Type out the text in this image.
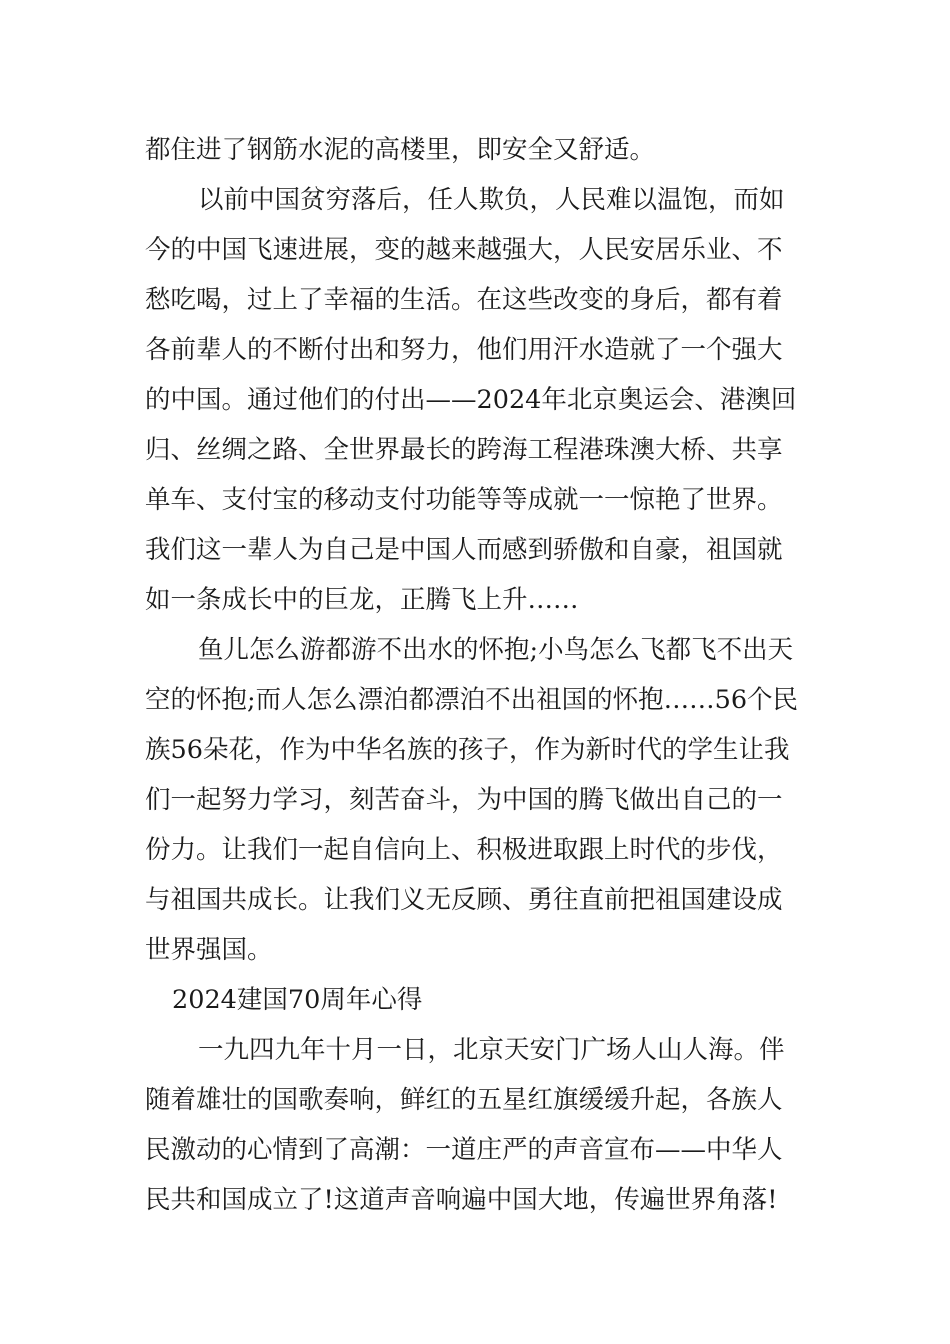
都住进了钢筋水泥的高楼里，即安全又舒适。
以前中国贫穷落后，任人欺负，人民难以温饱，而如
今的中国飞速进展，变的越来越强大，人民安居乐业、不
愁吃喝，过上了幸福的生活。在这些改变的身后，都有着
各前辈人的不断付出和努力，他们用汗水造就了一个强大
的中国。通过他们的付出——2024年北京奥运会、港澳回
归、丝绸之路、全世界最长的跨海工程港珠澳大桥、共享
单车、支付宝的移动支付功能等等成就一一惊艳了世界。
我们这一辈人为自己是中国人而感到骄傲和自豪，祖国就
如一条成长中的巨龙，正腾飞上升……
鱼儿怎么游都游不出水的怀抱;小鸟怎么飞都飞不出天
空的怀抱;而人怎么漂泊都漂泊不出祖国的怀抱……56个民
族56朵花，作为中华名族的孩子，作为新时代的学生让我
们一起努力学习，刻苦奋斗，为中国的腾飞做出自己的一
份力。让我们一起自信向上、积极进取跟上时代的步伐，
与祖国共成长。让我们义无反顾、勇往直前把祖国建设成
世界强国。
2024建国70周年心得
一九四九年十月一日，北京天安门广场人山人海。伴
随着雄壮的国歌奏响，鲜红的五星红旗缓缓升起，各族人
民激动的心情到了高潮：一道庄严的声音宣布——中华人
民共和国成立了!这道声音响遍中国大地，传遍世界角落!
